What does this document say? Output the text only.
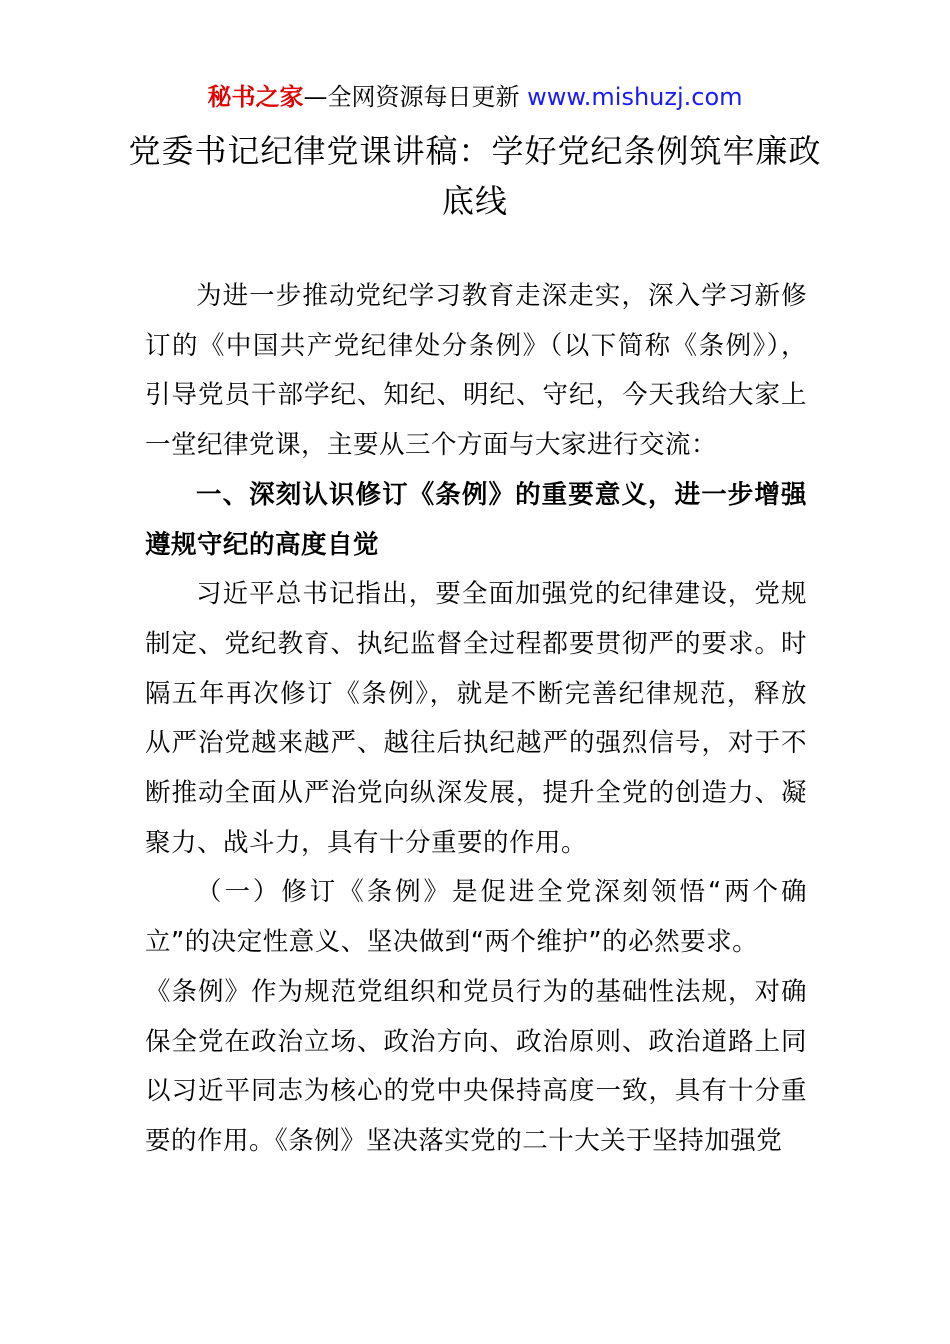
秘书之家—全网资源每日更新 www.mishuzj.com
党委书记纪律党课讲稿：学好党纪条例筑牢廉政底线

为进一步推动党纪学习教育走深走实，深入学习新修订的《中国共产党纪律处分条例》（以下简称《条例》），引导党员干部学纪、知纪、明纪、守纪，今天我给大家上一堂纪律党课，主要从三个方面与大家进行交流：

一、深刻认识修订《条例》的重要意义，进一步增强遵规守纪的高度自觉

习近平总书记指出，要全面加强党的纪律建设，党规制定、党纪教育、执纪监督全过程都要贯彻严的要求。时隔五年再次修订《条例》，就是不断完善纪律规范，释放从严治党越来越严、越往后执纪越严的强烈信号，对于不断推动全面从严治党向纵深发展，提升全党的创造力、凝聚力、战斗力，具有十分重要的作用。

（一）修订《条例》是促进全党深刻领悟“两个确立”的决定性意义、坚决做到“两个维护”的必然要求。

《条例》作为规范党组织和党员行为的基础性法规，对确保全党在政治立场、政治方向、政治原则、政治道路上同以习近平同志为核心的党中央保持高度一致，具有十分重要的作用。《条例》坚决落实党的二十大关于坚持加强党
